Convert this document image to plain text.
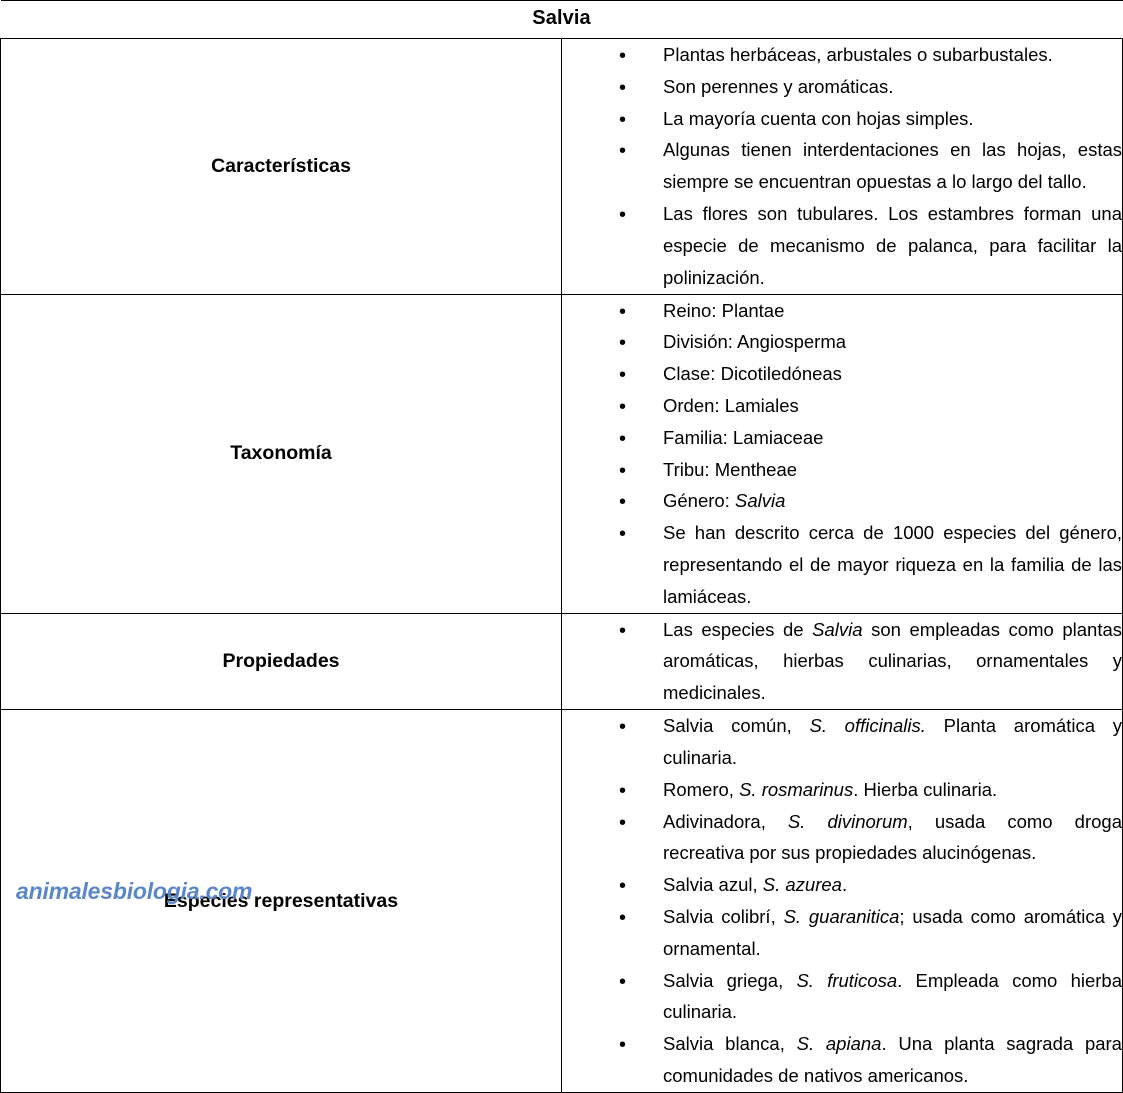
Salvia	
Características	
• Plantas herbáceas, arbustales o subarbustales.
• Son perennes y aromáticas.
• La mayoría cuenta con hojas simples.
• Algunas tienen interdentaciones en las hojas, estas siempre se encuentran opuestas a lo largo del tallo.
• Las flores son tubulares. Los estambres forman una especie de mecanismo de palanca, para facilitar la polinización.

Taxonomía	
• Reino: Plantae
• División: Angiosperma
• Clase: Dicotiledóneas
• Orden: Lamiales
• Familia: Lamiaceae
• Tribu: Mentheae
• Género: Salvia
• Se han descrito cerca de 1000 especies del género, representando el de mayor riqueza en la familia de las lamiáceas.

Propiedades	
• Las especies de Salvia son empleadas como plantas aromáticas, hierbas culinarias, ornamentales y medicinales.

Especies representativas	
• Salvia común, S. officinalis. Planta aromática y culinaria.
• Romero, S. rosmarinus. Hierba culinaria.
• Adivinadora, S. divinorum, usada como droga recreativa por sus propiedades alucinógenas.
• Salvia azul, S. azurea.
• Salvia colibrí, S. guaranitica; usada como aromática y ornamental.
• Salvia griega, S. fruticosa. Empleada como hierba culinaria.
• Salvia blanca, S. apiana. Una planta sagrada para comunidades de nativos americanos.
animalesbiologia.com
